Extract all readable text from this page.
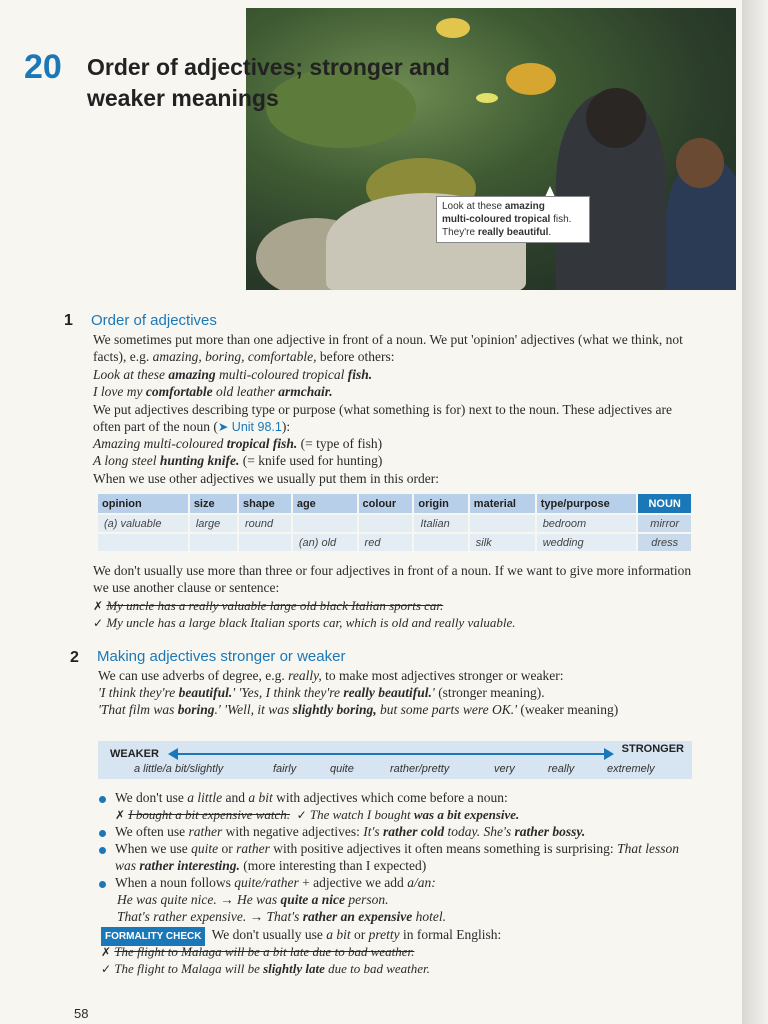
Look at these amazing
multi-coloured tropical fish.
They're really beautiful.
20 Order of adjectives; stronger and weaker meanings
1 Order of adjectives
We sometimes put more than one adjective in front of a noun. We put 'opinion' adjectives (what we think, not facts), e.g. amazing, boring, comfortable, before others:
Look at these amazing multi-coloured tropical fish.
I love my comfortable old leather armchair.
We put adjectives describing type or purpose (what something is for) next to the noun. These adjectives are often part of the noun (➤ Unit 98.1):
Amazing multi-coloured tropical fish. (= type of fish)
A long steel hunting knife. (= knife used for hunting)
When we use other adjectives we usually put them in this order:
opinion	size	shape	age	colour	origin	material	type/purpose	NOUN
(a) valuable	large	round			Italian		bedroom	mirror
			(an) old	red		silk	wedding	dress
We don't usually use more than three or four adjectives in front of a noun. If we want to give more information we use another clause or sentence:
✗ My uncle has a really valuable large old black Italian sports car.
✓ My uncle has a large black Italian sports car, which is old and really valuable.
2 Making adjectives stronger or weaker
We can use adverbs of degree, e.g. really, to make most adjectives stronger or weaker:
'I think they're beautiful.' 'Yes, I think they're really beautiful.' (stronger meaning).
'That film was boring.' 'Well, it was slightly boring, but some parts were OK.' (weaker meaning)
WEAKER	STRONGER
a little/a bit/slightly	fairly	quite	rather/pretty	very	really	extremely
We don't use a little and a bit with adjectives which come before a noun:
✗ I bought a bit expensive watch. ✓ The watch I bought was a bit expensive.
We often use rather with negative adjectives: It's rather cold today. She's rather bossy.
When we use quite or rather with positive adjectives it often means something is surprising: That lesson was rather interesting. (more interesting than I expected)
When a noun follows quite/rather + adjective we add a/an:
He was quite nice. → He was quite a nice person.
That's rather expensive. → That's rather an expensive hotel.
FORMALITY CHECK We don't usually use a bit or pretty in formal English:
✗ The flight to Malaga will be a bit late due to bad weather.
✓ The flight to Malaga will be slightly late due to bad weather.
58
